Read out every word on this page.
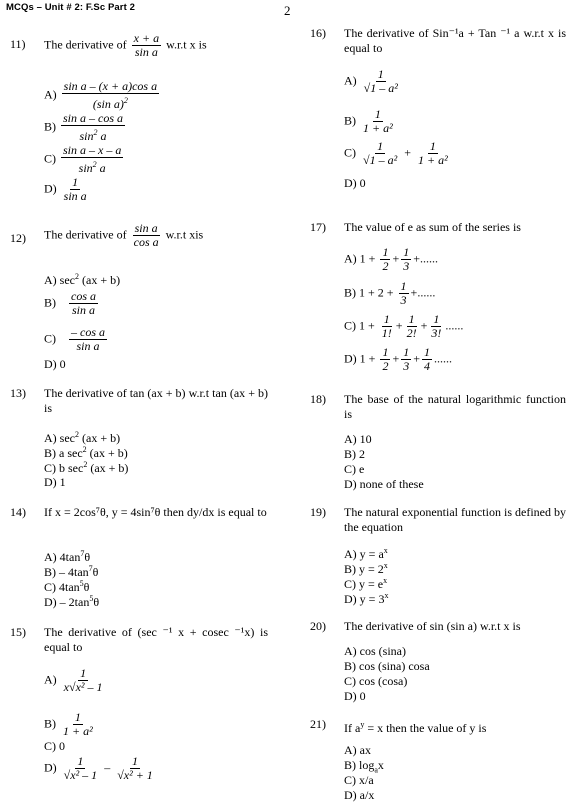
MCQs – Unit # 2: F.Sc Part 2	2
11) The derivative of $\frac{x + a}{\text{sin a}} w.r.t$ x is
$A) \frac{\text{sin a – (x + a)cos a}}{(\sin a)^2}$
$B) \frac{\text{sin a – cos a}}{\sin^2 a}$
$C) \frac{\text{sin a – x – a}}{\sin^2 a}$
$D) \frac{1}{\text{sin a}}$
12) The derivative of $\frac{\text{sin a}}{\text{cos a}} w.r.t$ xis
A) $\sec^2 (ax + b)$
$B) \frac{\text{cos a}}{\text{sin a}}$
$C) \frac{\text{– cos a}}{\text{sin a}}$
D) 0
13) The derivative of tan (ax + b) w.r.t tan (ax + b) is
A) $\sec^2 (ax + b)$
B) a $\sec^2 (ax + b)$
C) b $\sec^2 (ax + b)$
D) 1
14) If x = 2cos⁷θ, y = 4sin⁷θ then dy/dx is equal to
A) $4\tan^7\theta$
$B) - 4\tan^7\theta$
C) $4\tan^5\theta$
$D) - 2\tan^5\theta$
15) The derivative of (sec ⁻¹ x + cosec ⁻¹x) is equal to
$A) \frac{1}{\text{x√x² – 1}}$
$B) \frac{1}{\text{1 + a²}}$
C) 0
$D) \frac{1}{\text{√x² – 1}} - \frac{1}{\text{√x² + 1}}$
16) The derivative of Sin⁻¹a + Tan ⁻¹ a w.r.t x is equal to
$A) \frac{1}{\text{√1 – a²}}$
$B) \frac{1}{\text{1 + a²}}$
$C) \frac{1}{\text{√1 – a²}} + \frac{1}{\text{1 + a²}}$
D) 0
17) The value of e as sum of the series is
A) $1 + \frac{1}{2} + \frac{1}{3}$ +......
B) $1 + 2 + \frac{1}{3}$ +......
C) $1 + \frac{1}{1!} + \frac{1}{2!} + \frac{1}{3!}$ ......
D) $1 + \frac{1}{2} + \frac{1}{3} + \frac{1}{4}$ ......
18) The base of the natural logarithmic function is
A) 10
B) 2
C) e
D) none of these
19) The natural exponential function is defined by the equation
A) $y = a^x$
B) $y = 2^x$
C) $y = e^x$
D) $y = 3^x$
20) The derivative of sin (sin a) w.r.t x is
A) cos (sina)
B) cos (sina) cosa
C) cos (cosa)
D) 0
21) If $a^y = x$ then the value of y is
A) ax
B) $\log_ax$
C) x/a
D) a/x
